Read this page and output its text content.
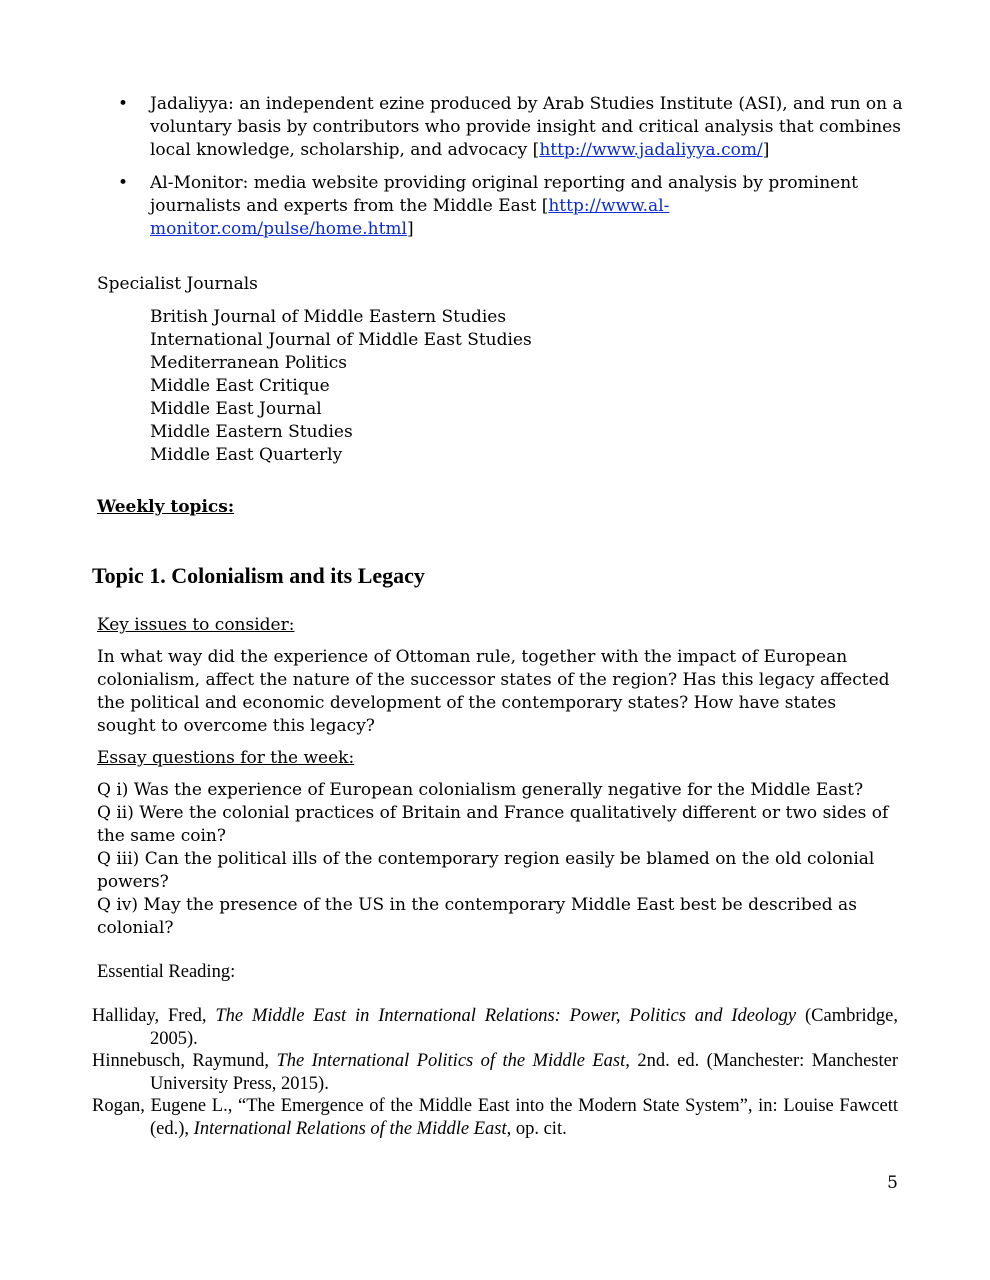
• Jadaliyya: an independent ezine produced by Arab Studies Institute (ASI), and run on a voluntary basis by contributors who provide insight and critical analysis that combines local knowledge, scholarship, and advocacy [http://www.jadaliyya.com/]
• Al-Monitor: media website providing original reporting and analysis by prominent journalists and experts from the Middle East [http://www.al-monitor.com/pulse/home.html]
Specialist Journals
British Journal of Middle Eastern Studies
International Journal of Middle East Studies
Mediterranean Politics
Middle East Critique
Middle East Journal
Middle Eastern Studies
Middle East Quarterly
Weekly topics:
Topic 1. Colonialism and its Legacy
Key issues to consider:
In what way did the experience of Ottoman rule, together with the impact of European colonialism, affect the nature of the successor states of the region? Has this legacy affected the political and economic development of the contemporary states? How have states sought to overcome this legacy?
Essay questions for the week:
Q i) Was the experience of European colonialism generally negative for the Middle East?
Q ii) Were the colonial practices of Britain and France qualitatively different or two sides of the same coin?
Q iii) Can the political ills of the contemporary region easily be blamed on the old colonial powers?
Q iv) May the presence of the US in the contemporary Middle East best be described as colonial?
Essential Reading:

Halliday, Fred, The Middle East in International Relations: Power, Politics and Ideology (Cambridge, 2005).

Hinnebusch, Raymund, The International Politics of the Middle East, 2nd. ed. (Manchester: Manchester University Press, 2015).

Rogan, Eugene L., “The Emergence of the Middle East into the Modern State System”, in: Louise Fawcett (ed.), International Relations of the Middle East, op. cit.

5
